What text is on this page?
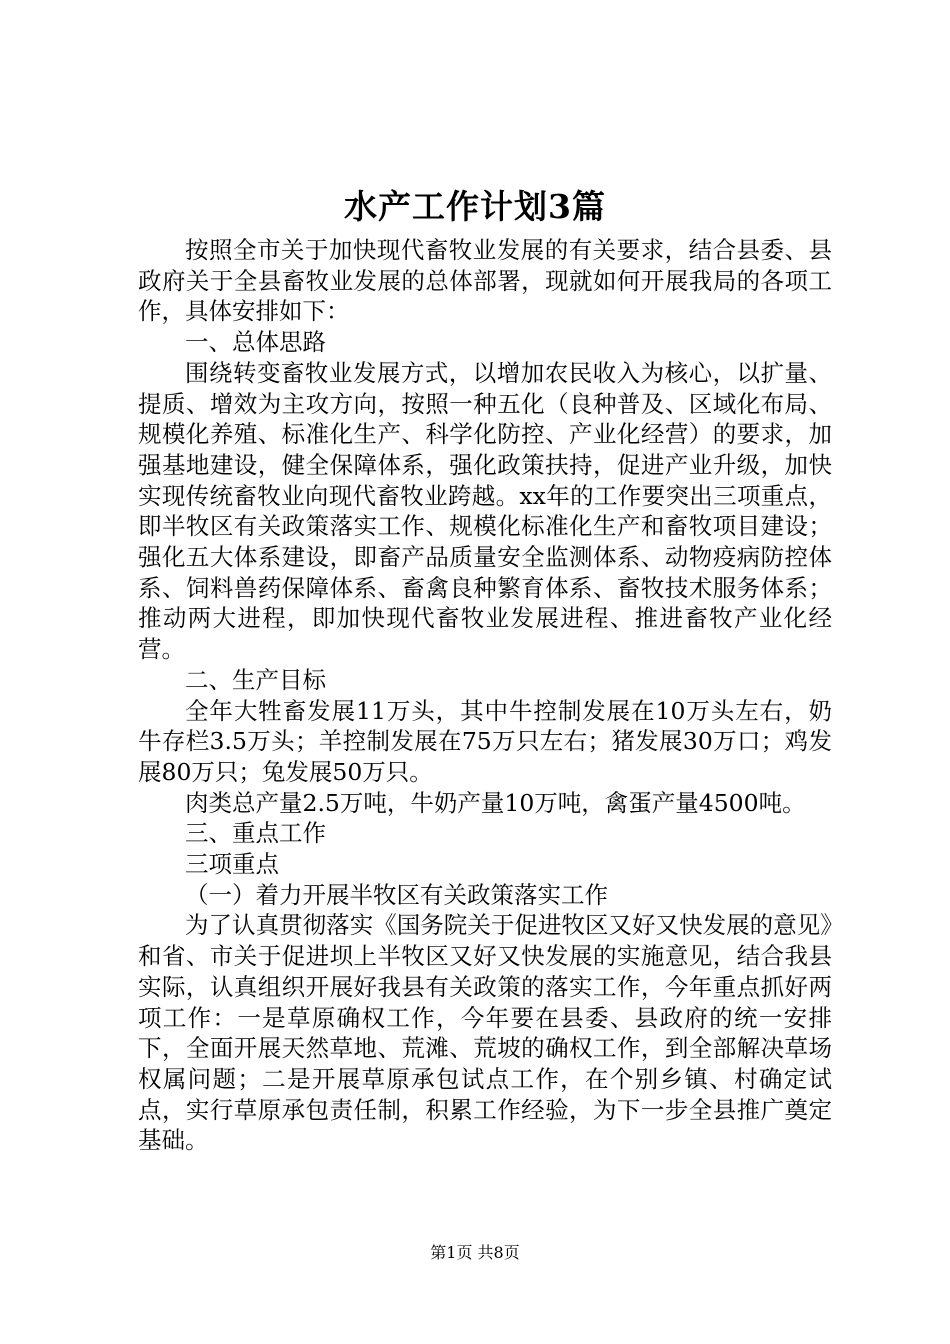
水产工作计划3篇

按照全市关于加快现代畜牧业发展的有关要求，结合县委、县政府关于全县畜牧业发展的总体部署，现就如何开展我局的各项工作，具体安排如下：

一、总体思路

围绕转变畜牧业发展方式，以增加农民收入为核心，以扩量、提质、增效为主攻方向，按照一种五化（良种普及、区域化布局、规模化养殖、标准化生产、科学化防控、产业化经营）的要求，加强基地建设，健全保障体系，强化政策扶持，促进产业升级，加快实现传统畜牧业向现代畜牧业跨越。xx年的工作要突出三项重点，即半牧区有关政策落实工作、规模化标准化生产和畜牧项目建设；强化五大体系建设，即畜产品质量安全监测体系、动物疫病防控体系、饲料兽药保障体系、畜禽良种繁育体系、畜牧技术服务体系；推动两大进程，即加快现代畜牧业发展进程、推进畜牧产业化经营。

二、生产目标

全年大牲畜发展11万头，其中牛控制发展在10万头左右，奶牛存栏3.5万头；羊控制发展在75万只左右；猪发展30万口；鸡发展80万只；兔发展50万只。

肉类总产量2.5万吨，牛奶产量10万吨，禽蛋产量4500吨。

三、重点工作

三项重点

（一）着力开展半牧区有关政策落实工作

为了认真贯彻落实《国务院关于促进牧区又好又快发展的意见》和省、市关于促进坝上半牧区又好又快发展的实施意见，结合我县实际，认真组织开展好我县有关政策的落实工作，今年重点抓好两项工作：一是草原确权工作，今年要在县委、县政府的统一安排下，全面开展天然草地、荒滩、荒坡的确权工作，到全部解决草场权属问题；二是开展草原承包试点工作，在个别乡镇、村确定试点，实行草原承包责任制，积累工作经验，为下一步全县推广奠定基础。

第1页 共8页
